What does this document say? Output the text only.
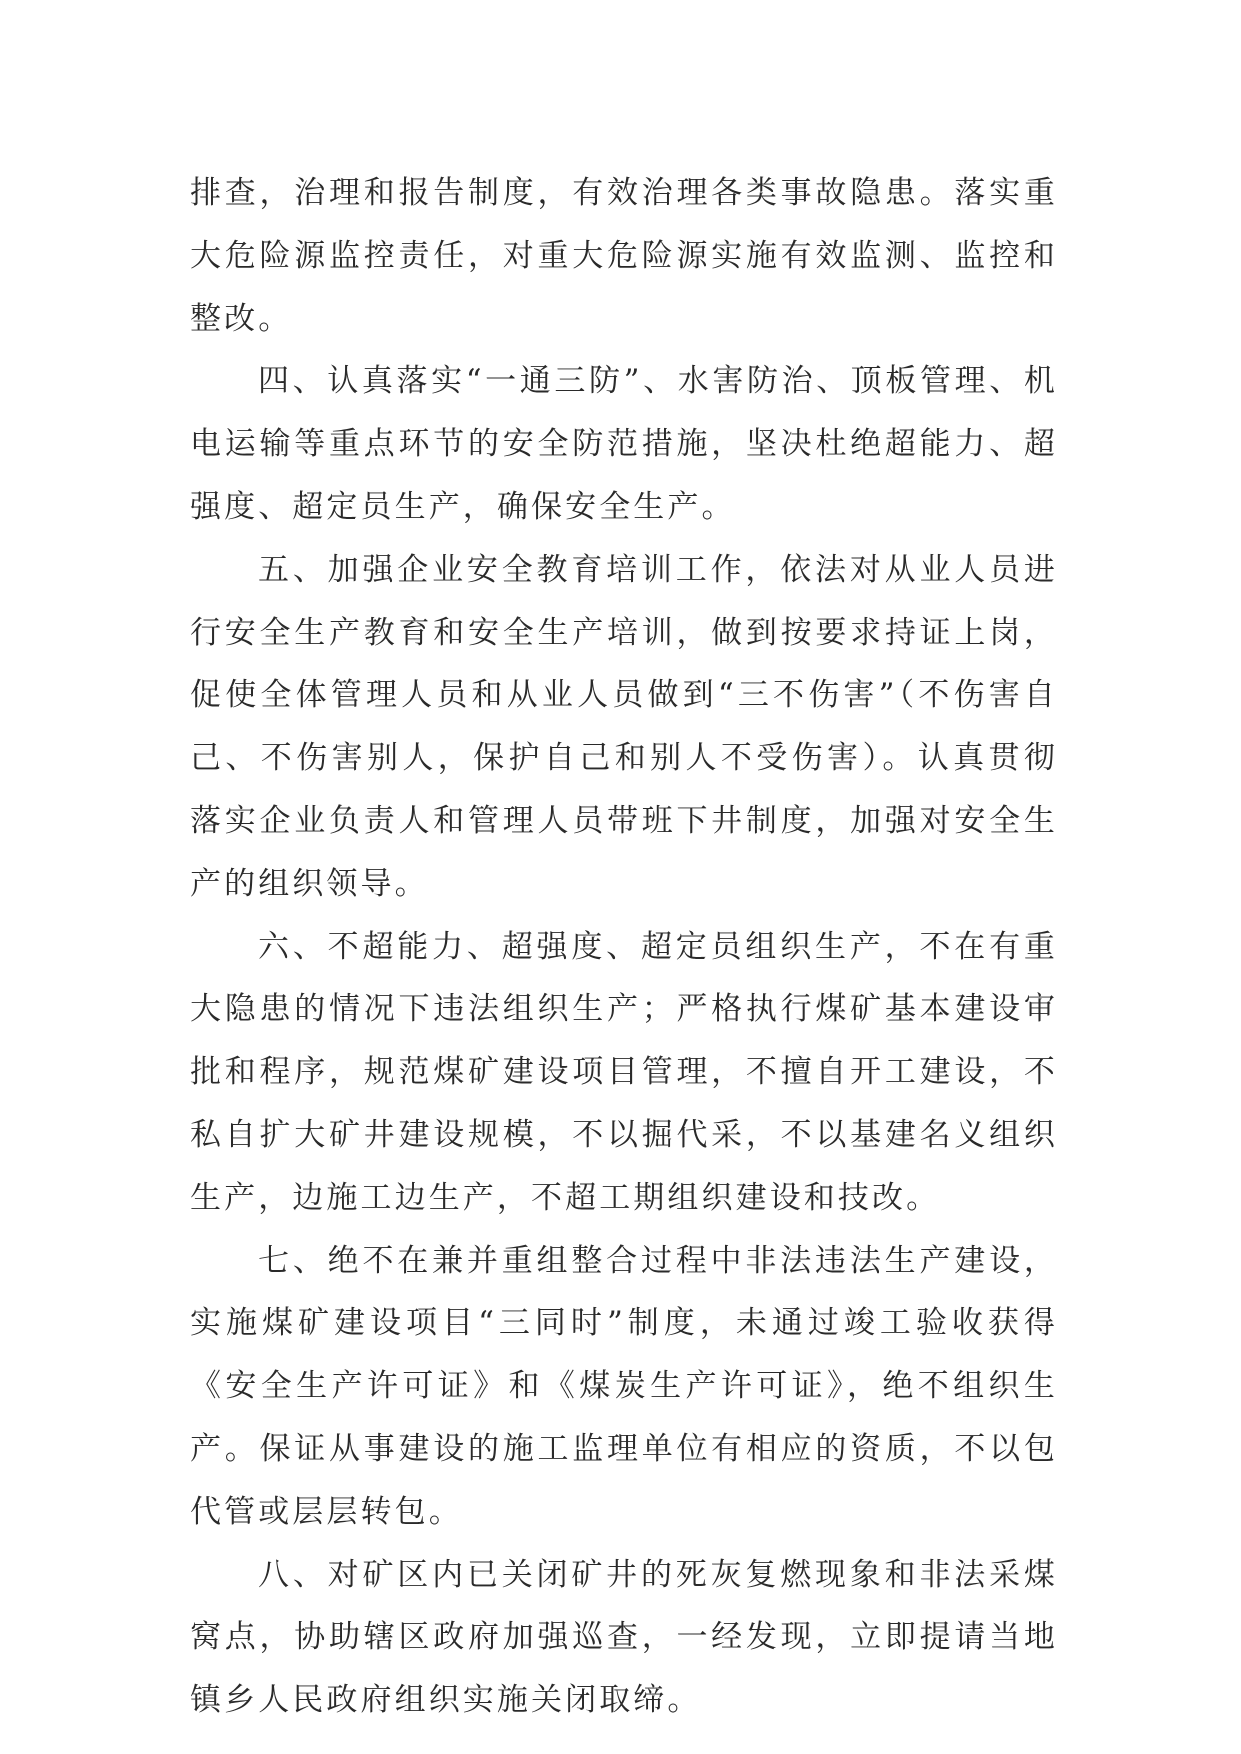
排查，治理和报告制度，有效治理各类事故隐患。落实重大危险源监控责任，对重大危险源实施有效监测、监控和整改。

四、认真落实“一通三防”、水害防治、顶板管理、机电运输等重点环节的安全防范措施，坚决杜绝超能力、超强度、超定员生产，确保安全生产。

五、加强企业安全教育培训工作，依法对从业人员进行安全生产教育和安全生产培训，做到按要求持证上岗，促使全体管理人员和从业人员做到“三不伤害”（不伤害自己、不伤害别人，保护自己和别人不受伤害）。认真贯彻落实企业负责人和管理人员带班下井制度，加强对安全生产的组织领导。

六、不超能力、超强度、超定员组织生产，不在有重大隐患的情况下违法组织生产；严格执行煤矿基本建设审批和程序，规范煤矿建设项目管理，不擅自开工建设，不私自扩大矿井建设规模，不以掘代采，不以基建名义组织生产，边施工边生产，不超工期组织建设和技改。

七、绝不在兼并重组整合过程中非法违法生产建设，实施煤矿建设项目“三同时”制度，未通过竣工验收获得《安全生产许可证》和《煤炭生产许可证》，绝不组织生产。保证从事建设的施工监理单位有相应的资质，不以包代管或层层转包。

八、对矿区内已关闭矿井的死灰复燃现象和非法采煤窝点，协助辖区政府加强巡查，一经发现，立即提请当地镇乡人民政府组织实施关闭取缔。
